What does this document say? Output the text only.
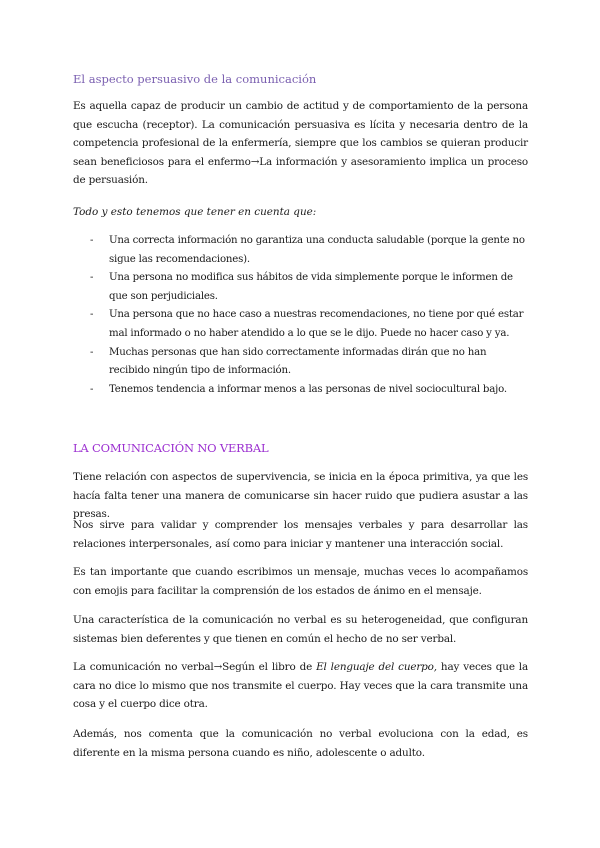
El aspecto persuasivo de la comunicación

Es aquella capaz de producir un cambio de actitud y de comportamiento de la persona que escucha (receptor). La comunicación persuasiva es lícita y necesaria dentro de la competencia profesional de la enfermería, siempre que los cambios se quieran producir sean beneficiosos para el enfermo→La información y asesoramiento implica un proceso de persuasión.

Todo y esto tenemos que tener en cuenta que:
- Una correcta información no garantiza una conducta saludable (porque la gente no sigue las recomendaciones).
- Una persona no modifica sus hábitos de vida simplemente porque le informen de que son perjudiciales.
- Una persona que no hace caso a nuestras recomendaciones, no tiene por qué estar mal informado o no haber atendido a lo que se le dijo. Puede no hacer caso y ya.
- Muchas personas que han sido correctamente informadas dirán que no han recibido ningún tipo de información.
- Tenemos tendencia a informar menos a las personas de nivel sociocultural bajo.
LA COMUNICACIÓN NO VERBAL

Tiene relación con aspectos de supervivencia, se inicia en la época primitiva, ya que les hacía falta tener una manera de comunicarse sin hacer ruido que pudiera asustar a las presas.

Nos sirve para validar y comprender los mensajes verbales y para desarrollar las relaciones interpersonales, así como para iniciar y mantener una interacción social.

Es tan importante que cuando escribimos un mensaje, muchas veces lo acompañamos con emojis para facilitar la comprensión de los estados de ánimo en el mensaje.

Una característica de la comunicación no verbal es su heterogeneidad, que configuran sistemas bien deferentes y que tienen en común el hecho de no ser verbal.

La comunicación no verbal→Según el libro de El lenguaje del cuerpo, hay veces que la cara no dice lo mismo que nos transmite el cuerpo. Hay veces que la cara transmite una cosa y el cuerpo dice otra.

Además, nos comenta que la comunicación no verbal evoluciona con la edad, es diferente en la misma persona cuando es niño, adolescente o adulto.
